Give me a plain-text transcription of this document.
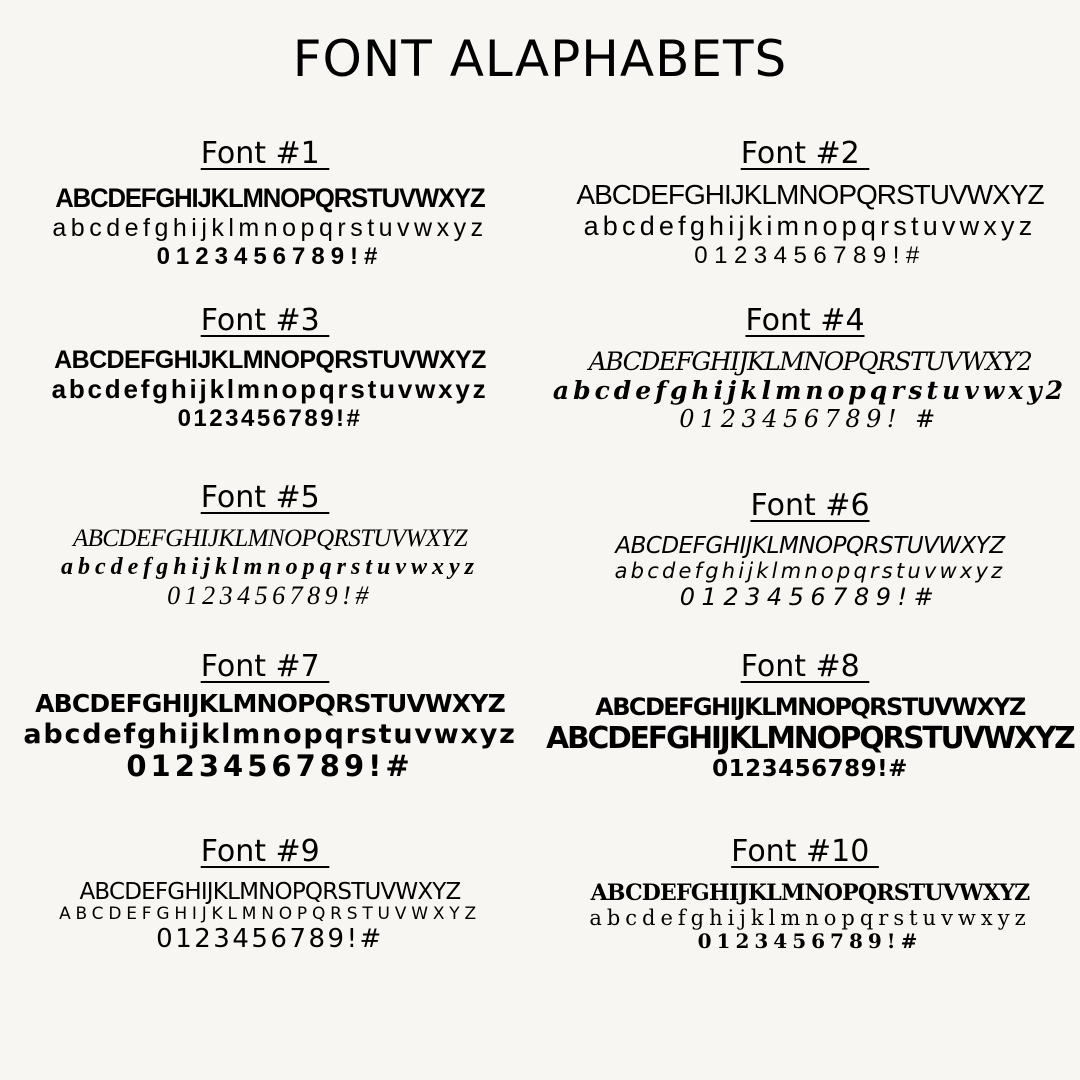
FONT ALAPHABETS
Font #1
ABCDEFGHIJKLMNOPQRSTUVWXYZ
abcdefghijklmnopqrstuvwxyz
0123456789!#
Font #2
ABCDEFGHIJKLMNOPQRSTUVWXYZ
abcdefghijkimnopqrstuvwxyz
0123456789!#
Font #3
ABCDEFGHIJKLMNOPQRSTUVWXYZ
abcdefghijklmnopqrstuvwxyz
0123456789!#
Font #4
ABCDEFGHIJKLMNOPQRSTUVWXY2
abcdefghijklmnopqrstuvwxy2
0123456789! #
Font #5
ABCDEFGHIJKLMNOPQRSTUVWXYZ
abcdefghijklmnopqrstuvwxyz
0123456789!#
Font #6
ABCDEFGHIJKLMNOPQRSTUVWXYZ
abcdefghijklmnopqrstuvwxyz
0123456789!#
Font #7
ABCDEFGHIJKLMNOPQRSTUVWXYZ
abcdefghijklmnopqrstuvwxyz
0123456789!#
Font #8
ABCDEFGHIJKLMNOPQRSTUVWXYZ
ABCDEFGHIJKLMNOPQRSTUVWXYZ
0123456789!#
Font #9
ABCDEFGHIJKLMNOPQRSTUVWXYZ
ABCDEFGHIJKLMNOPQRSTUVWXYZ
0123456789!#
Font #10
ABCDEFGHIJKLMNOPQRSTUVWXYZ
abcdefghijklmnopqrstuvwxyz
0123456789!#
